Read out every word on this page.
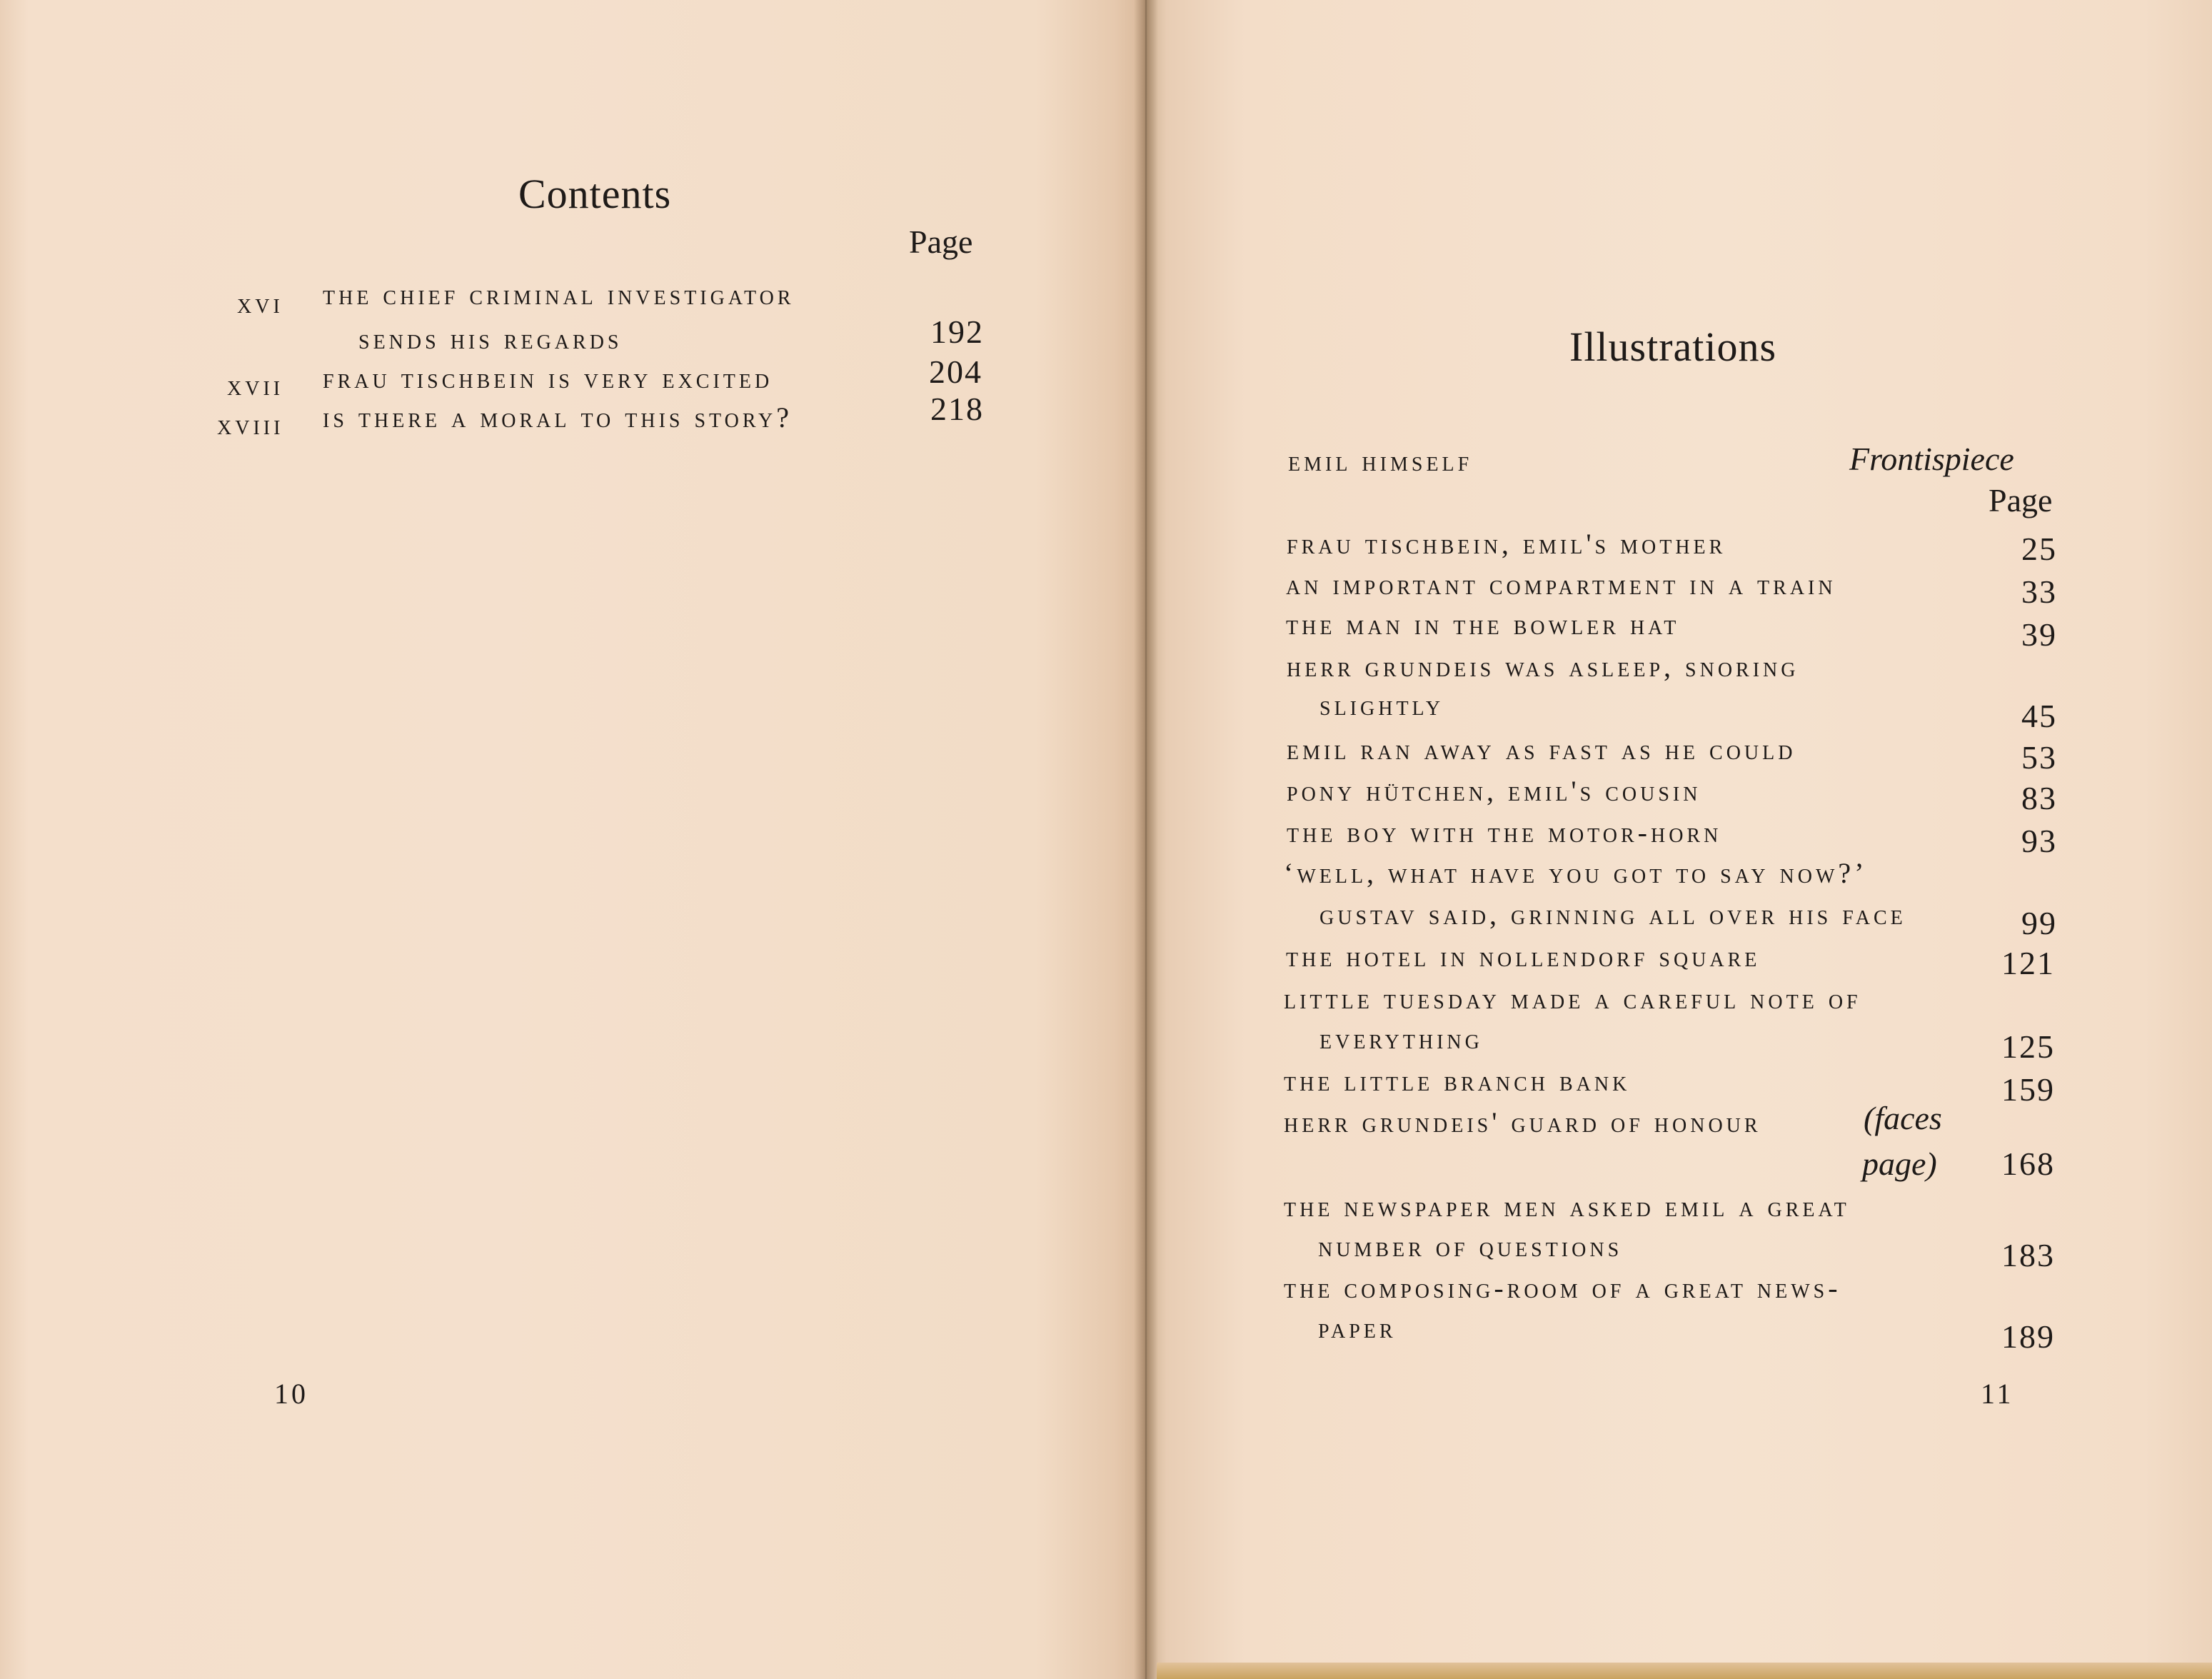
Contents
Page
xvi the chief criminal investigator
sends his regards	192
xvii frau tischbein is very excited	204
xviii is there a moral to this story?	218
10
Illustrations
emil himself	Frontispiece
Page
frau tischbein, emil's mother	25
an important compartment in a train	33
the man in the bowler hat	39
herr grundeis was asleep, snoring
slightly	45
emil ran away as fast as he could	53
pony hütchen, emil's cousin	83
the boy with the motor-horn	93
‘well, what have you got to say now?’
gustav said, grinning all over his face	99
the hotel in nollendorf square	121
little tuesday made a careful note of
everything	125
the little branch bank	159
herr grundeis' guard of honour	(faces
page) 168
the newspaper men asked emil a great
number of questions	183
the composing-room of a great news-
paper	189
11
